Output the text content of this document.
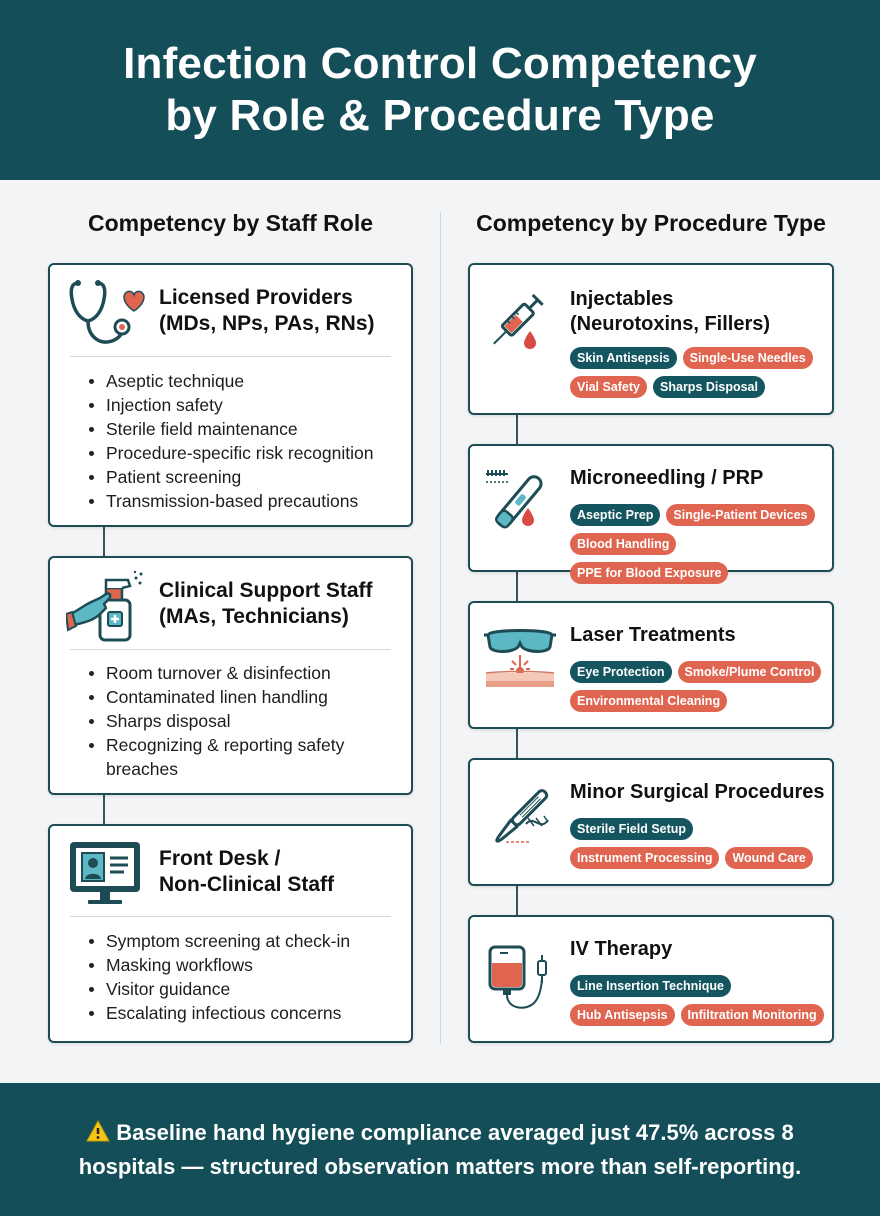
Infection Control Competency
by Role & Procedure Type
Competency by Staff Role	Competency by Procedure Type
Licensed Providers
(MDs, NPs, PAs, RNs)
Aseptic technique
Injection safety
Sterile field maintenance
Procedure-specific risk recognition
Patient screening
Transmission-based precautions
Clinical Support Staff
(MAs, Technicians)
Room turnover & disinfection
Contaminated linen handling
Sharps disposal
Recognizing & reporting safety breaches
Front Desk /
Non-Clinical Staff
Symptom screening at check-in
Masking workflows
Visitor guidance
Escalating infectious concerns
Injectables
(Neurotoxins, Fillers)
Skin Antisepsis	Single-Use Needles
Vial Safety	Sharps Disposal
Microneedling / PRP
Aseptic Prep	Single-Patient Devices
Blood Handling
PPE for Blood Exposure
Laser Treatments
Eye Protection	Smoke/Plume Control
Environmental Cleaning
Minor Surgical Procedures
Sterile Field Setup
Instrument Processing	Wound Care
IV Therapy
Line Insertion Technique
Hub Antisepsis	Infiltration Monitoring

Baseline hand hygiene compliance averaged just 47.5% across 8 hospitals — structured observation matters more than self-reporting.
